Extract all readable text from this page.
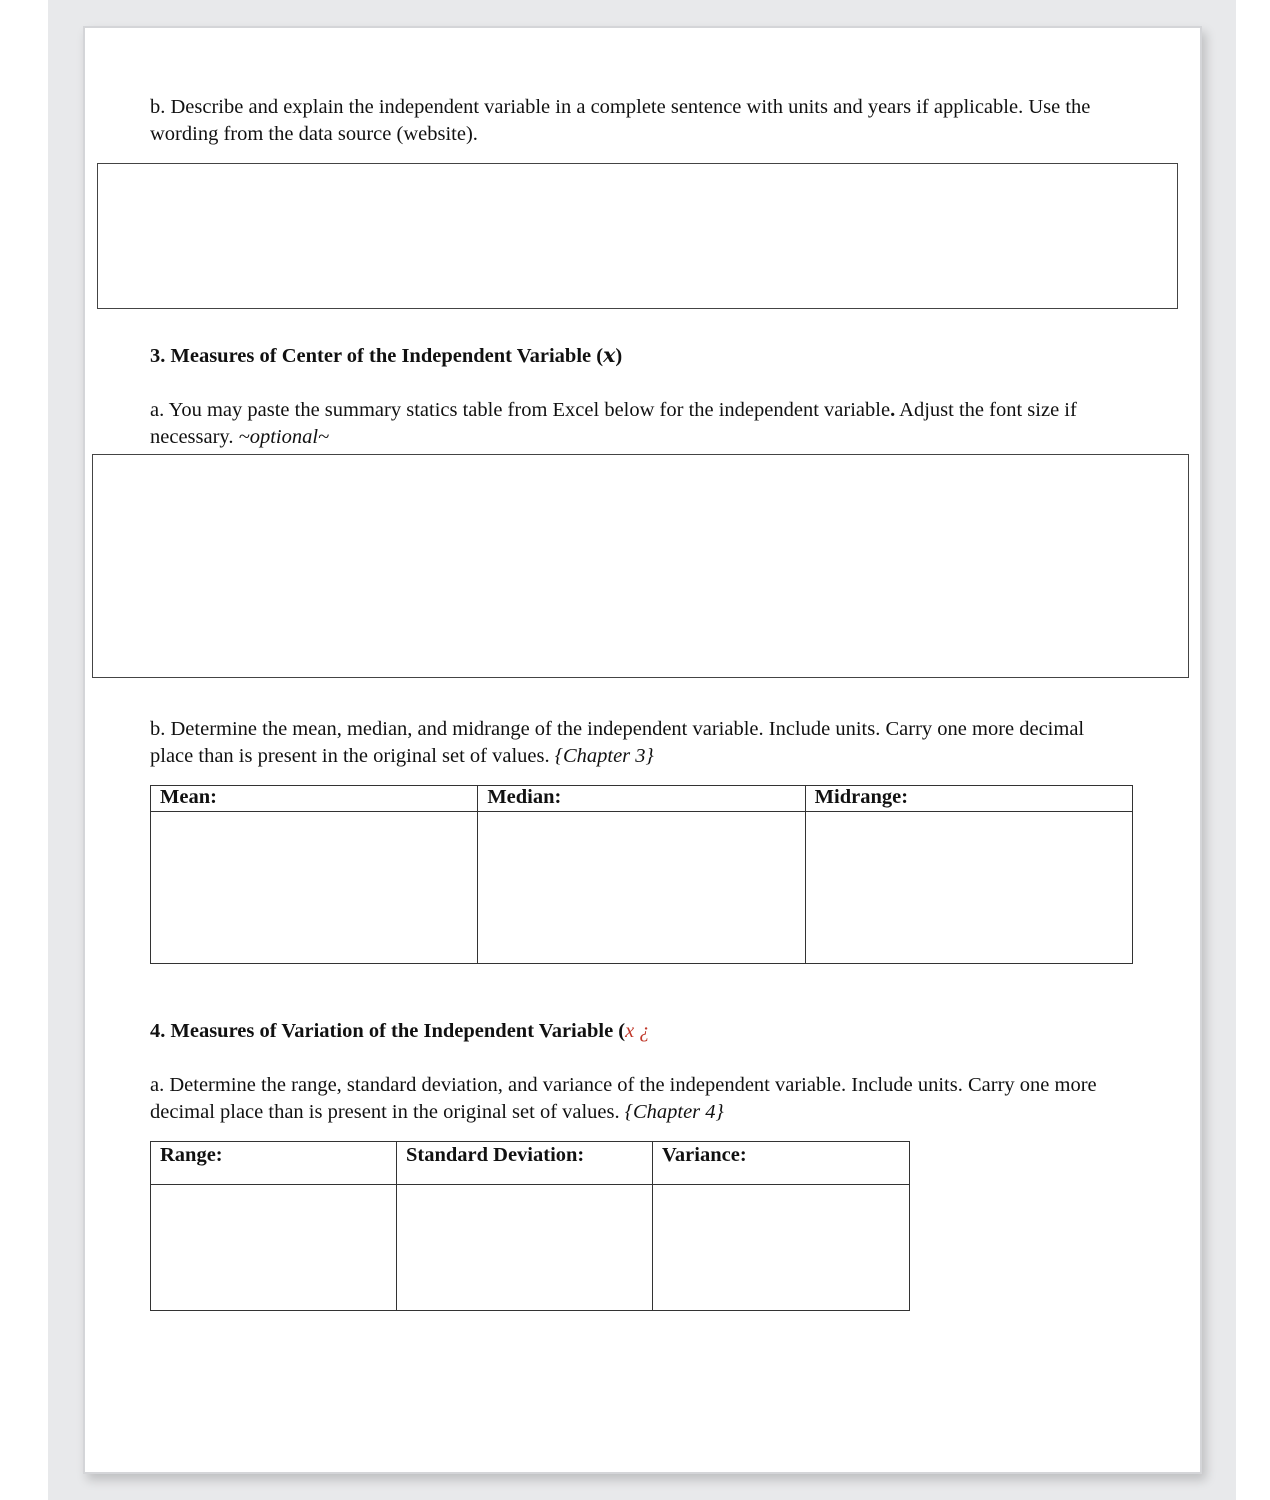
b. Describe and explain the independent variable in a complete sentence with units and years if applicable. Use the wording from the data source (website).
3. Measures of Center of the Independent Variable (x)
a. You may paste the summary statics table from Excel below for the independent variable. Adjust the font size if necessary. ~optional~
b. Determine the mean, median, and midrange of the independent variable. Include units. Carry one more decimal place than is present in the original set of values. {Chapter 3}
Mean:	Median:	Midrange:

4. Measures of Variation of the Independent Variable (x ¿
a. Determine the range, standard deviation, and variance of the independent variable. Include units. Carry one more decimal place than is present in the original set of values. {Chapter 4}
Range:	Standard Deviation:	Variance:
